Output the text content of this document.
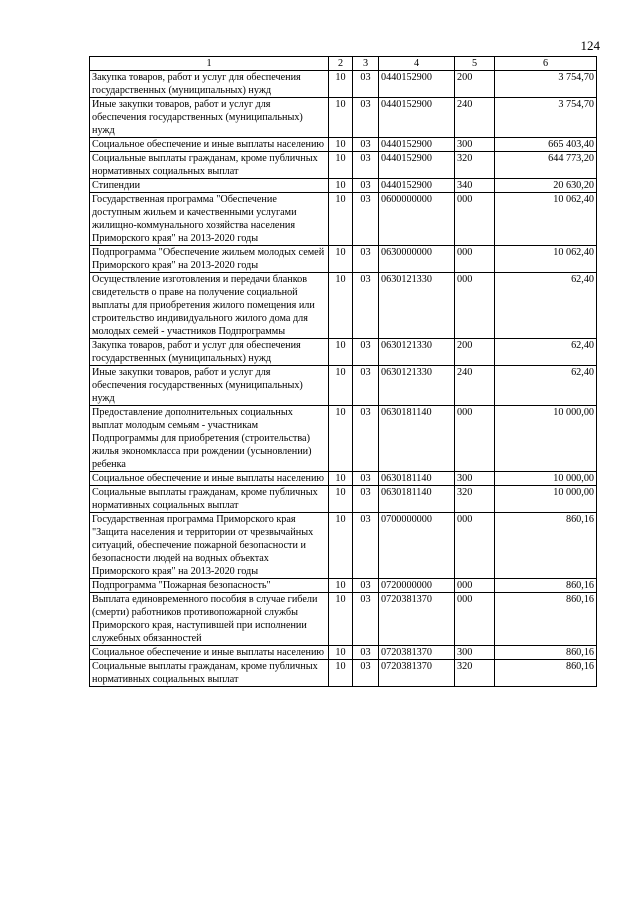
124
1	2	3	4	5	6
Закупка товаров, работ и услуг для обеспечения государственных (муниципальных) нужд	10	03	0440152900	200	3 754,70
Иные закупки товаров, работ и услуг для обеспечения государственных (муниципальных) нужд	10	03	0440152900	240	3 754,70
Социальное обеспечение и иные выплаты населению	10	03	0440152900	300	665 403,40
Социальные выплаты гражданам, кроме публичных нормативных социальных выплат	10	03	0440152900	320	644 773,20
Стипендии	10	03	0440152900	340	20 630,20
Государственная программа "Обеспечение доступным жильем и качественными услугами жилищно-коммунального хозяйства населения Приморского края" на 2013-2020 годы	10	03	0600000000	000	10 062,40
Подпрограмма "Обеспечение жильем молодых семей Приморского края" на 2013-2020 годы	10	03	0630000000	000	10 062,40
Осуществление изготовления и передачи бланков свидетельств о праве на получение социальной выплаты для приобретения жилого помещения или строительство индивидуального жилого дома для молодых семей - участников Подпрограммы	10	03	0630121330	000	62,40
Закупка товаров, работ и услуг для обеспечения государственных (муниципальных) нужд	10	03	0630121330	200	62,40
Иные закупки товаров, работ и услуг для обеспечения государственных (муниципальных) нужд	10	03	0630121330	240	62,40
Предоставление дополнительных социальных выплат молодым семьям - участникам Подпрограммы для приобретения (строительства) жилья экономкласса при рождении (усыновлении) ребенка	10	03	0630181140	000	10 000,00
Социальное обеспечение и иные выплаты населению	10	03	0630181140	300	10 000,00
Социальные выплаты гражданам, кроме публичных нормативных социальных выплат	10	03	0630181140	320	10 000,00
Государственная программа Приморского края "Защита населения и территории от чрезвычайных ситуаций, обеспечение пожарной безопасности и безопасности людей на водных объектах Приморского края" на 2013-2020 годы	10	03	0700000000	000	860,16
Подпрограмма "Пожарная безопасность"	10	03	0720000000	000	860,16
Выплата единовременного пособия в случае гибели (смерти) работников противопожарной службы Приморского края, наступившей при исполнении служебных обязанностей	10	03	0720381370	000	860,16
Социальное обеспечение и иные выплаты населению	10	03	0720381370	300	860,16
Социальные выплаты гражданам, кроме публичных нормативных социальных выплат	10	03	0720381370	320	860,16
